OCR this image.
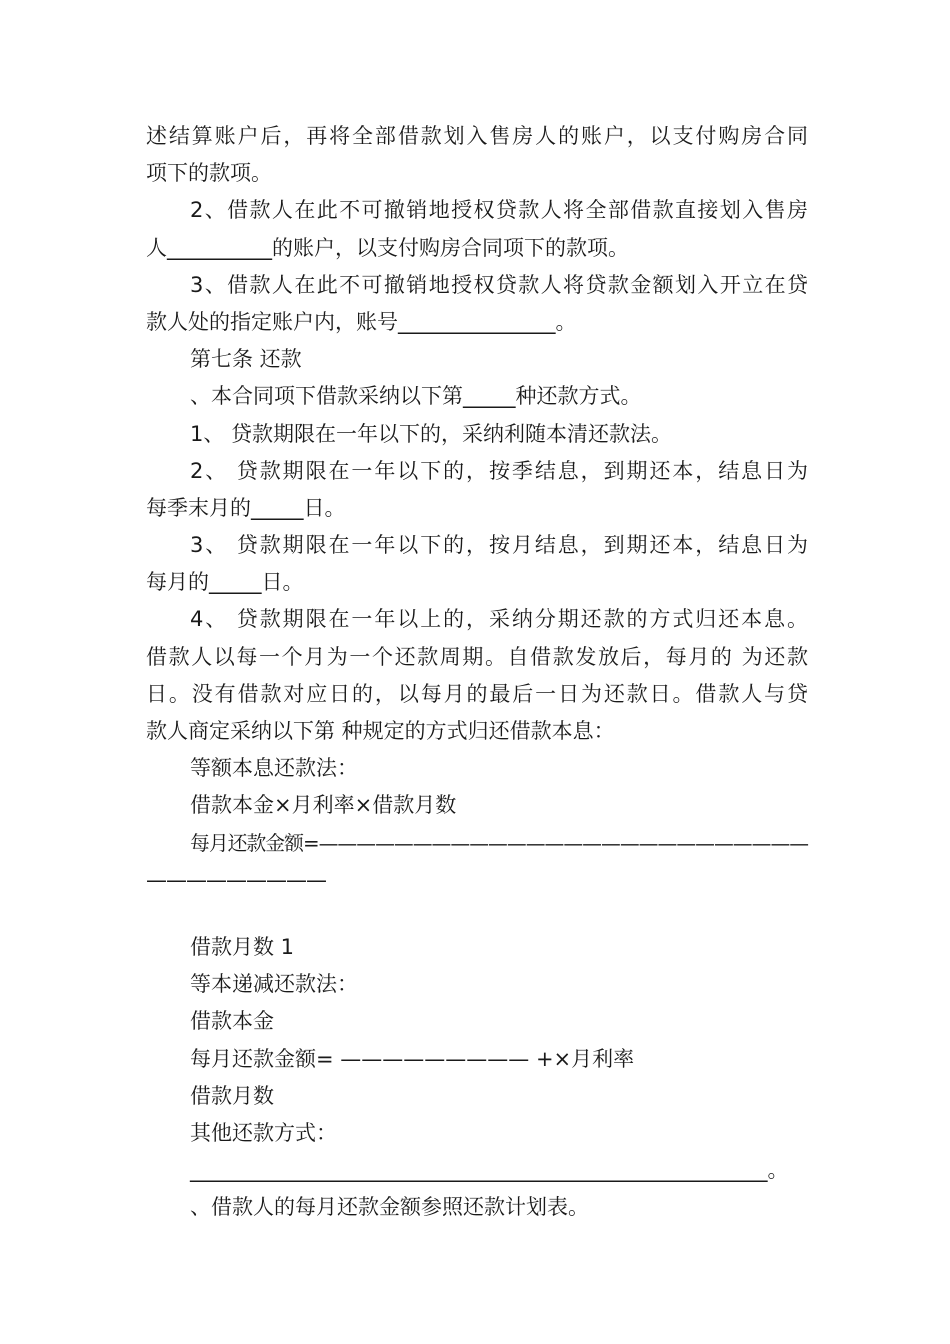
述结算账户后，再将全部借款划入售房人的账户，以支付购房合同
项下的款项。
2、借款人在此不可撤销地授权贷款人将全部借款直接划入售房
人__________的账户，以支付购房合同项下的款项。
3、借款人在此不可撤销地授权贷款人将贷款金额划入开立在贷
款人处的指定账户内，账号_______________。
第七条 还款
、本合同项下借款采纳以下第_____种还款方式。
1、 贷款期限在一年以下的，采纳利随本清还款法。
2、 贷款期限在一年以下的，按季结息，到期还本，结息日为
每季末月的_____日。
3、 贷款期限在一年以下的，按月结息，到期还本，结息日为
每月的_____日。
4、 贷款期限在一年以上的，采纳分期还款的方式归还本息。
借款人以每一个月为一个还款周期。自借款发放后，每月的 为还款
日。没有借款对应日的，以每月的最后一日为还款日。借款人与贷
款人商定采纳以下第 种规定的方式归还借款本息：
等额本息还款法：
借款本金×月利率×借款月数
每月还款金额=——————————————————————————
—————————
借款月数 1
等本递减还款法：
借款本金
每月还款金额= ————————— +×月利率
借款月数
其他还款方式：
_______________________________________________________。
、借款人的每月还款金额参照还款计划表。
